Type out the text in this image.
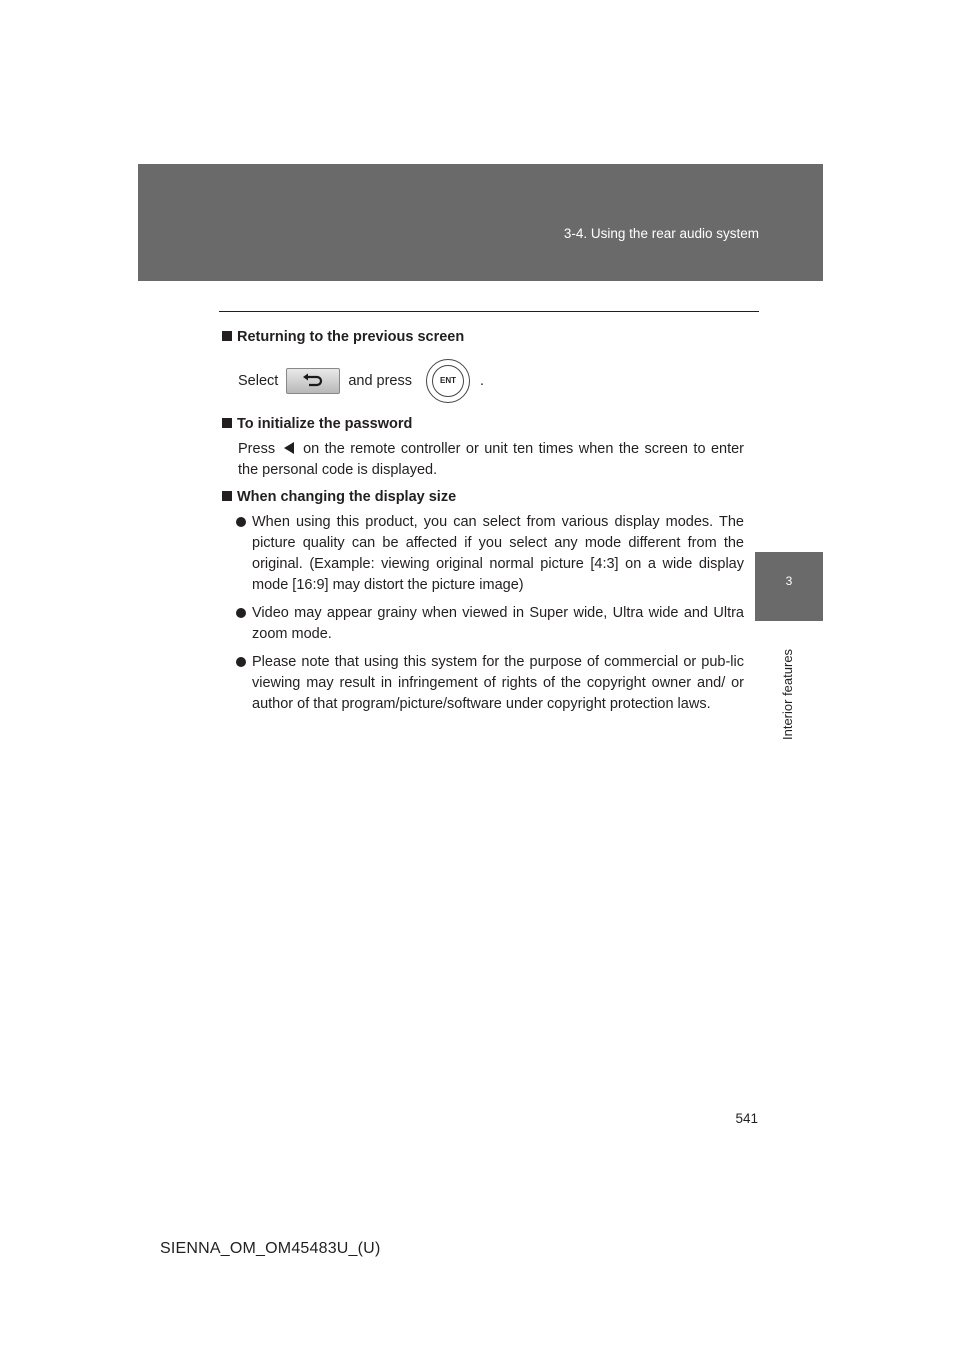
3-4. Using the rear audio system
3
Interior features

Returning to the previous screen

Select	and press	ENT	.

To initialize the password

Press on the remote controller or unit ten times when the screen to enter the personal code is displayed.

When changing the display size

When using this product, you can select from various display modes. The picture quality can be affected if you select any mode different from the original. (Example: viewing original normal picture [4:3] on a wide display mode [16:9] may distort the picture image)
Video may appear grainy when viewed in Super wide, Ultra wide and Ultra zoom mode.
Please note that using this system for the purpose of commercial or pub-lic viewing may result in infringement of rights of the copyright owner and/ or author of that program/picture/software under copyright protection laws.
541
SIENNA_OM_OM45483U_(U)
